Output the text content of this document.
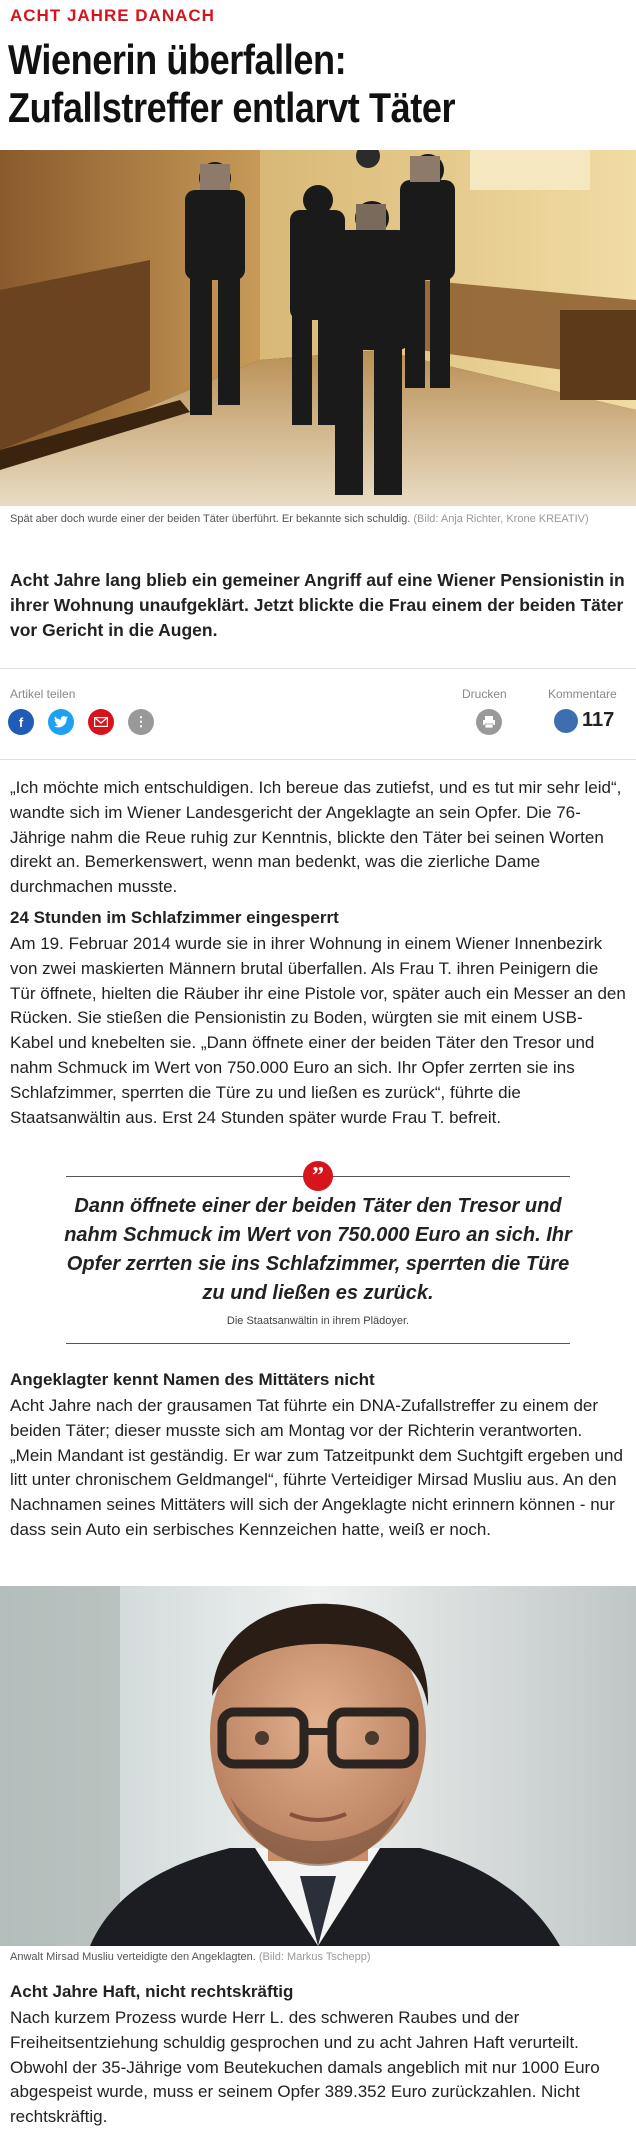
ACHT JAHRE DANACH
Wienerin überfallen:
Zufallstreffer entlarvt Täter
Spät aber doch wurde einer der beiden Täter überführt. Er bekannte sich schuldig. (Bild: Anja Richter, Krone KREATIV)

Acht Jahre lang blieb ein gemeiner Angriff auf eine Wiener Pensionistin in ihrer Wohnung unaufgeklärt. Jetzt blickte die Frau einem der beiden Täter vor Gericht in die Augen.

Artikel teilen
f	⋮
Drucken	Kommentare
117

„Ich möchte mich entschuldigen. Ich bereue das zutiefst, und es tut mir sehr leid“, wandte sich im Wiener Landesgericht der Angeklagte an sein Opfer. Die 76-Jährige nahm die Reue ruhig zur Kenntnis, blickte den Täter bei seinen Worten direkt an. Bemerkenswert, wenn man bedenkt, was die zierliche Dame durchmachen musste.

24 Stunden im Schlafzimmer eingesperrt

Am 19. Februar 2014 wurde sie in ihrer Wohnung in einem Wiener Innenbezirk von zwei maskierten Männern brutal überfallen. Als Frau T. ihren Peinigern die Tür öffnete, hielten die Räuber ihr eine Pistole vor, später auch ein Messer an den Rücken. Sie stießen die Pensionistin zu Boden, würgten sie mit einem USB-Kabel und knebelten sie. „Dann öffnete einer der beiden Täter den Tresor und nahm Schmuck im Wert von 750.000 Euro an sich. Ihr Opfer zerrten sie ins Schlafzimmer, sperrten die Türe zu und ließen es zurück“, führte die Staatsanwältin aus. Erst 24 Stunden später wurde Frau T. befreit.

”
Dann öffnete einer der beiden Täter den Tresor und nahm Schmuck im Wert von 750.000 Euro an sich. Ihr Opfer zerrten sie ins Schlafzimmer, sperrten die Türe zu und ließen es zurück.
Die Staatsanwältin in ihrem Plädoyer.
Angeklagter kennt Namen des Mittäters nicht

Acht Jahre nach der grausamen Tat führte ein DNA-Zufallstreffer zu einem der beiden Täter; dieser musste sich am Montag vor der Richterin verantworten. „Mein Mandant ist geständig. Er war zum Tatzeitpunkt dem Suchtgift ergeben und litt unter chronischem Geldmangel“, führte Verteidiger Mirsad Musliu aus. An den Nachnamen seines Mittäters will sich der Angeklagte nicht erinnern können - nur dass sein Auto ein serbisches Kennzeichen hatte, weiß er noch.

Anwalt Mirsad Musliu verteidigte den Angeklagten. (Bild: Markus Tschepp)
Acht Jahre Haft, nicht rechtskräftig

Nach kurzem Prozess wurde Herr L. des schweren Raubes und der Freiheitsentziehung schuldig gesprochen und zu acht Jahren Haft verurteilt. Obwohl der 35-Jährige vom Beutekuchen damals angeblich mit nur 1000 Euro abgespeist wurde, muss er seinem Opfer 389.352 Euro zurückzahlen. Nicht rechtskräftig.
